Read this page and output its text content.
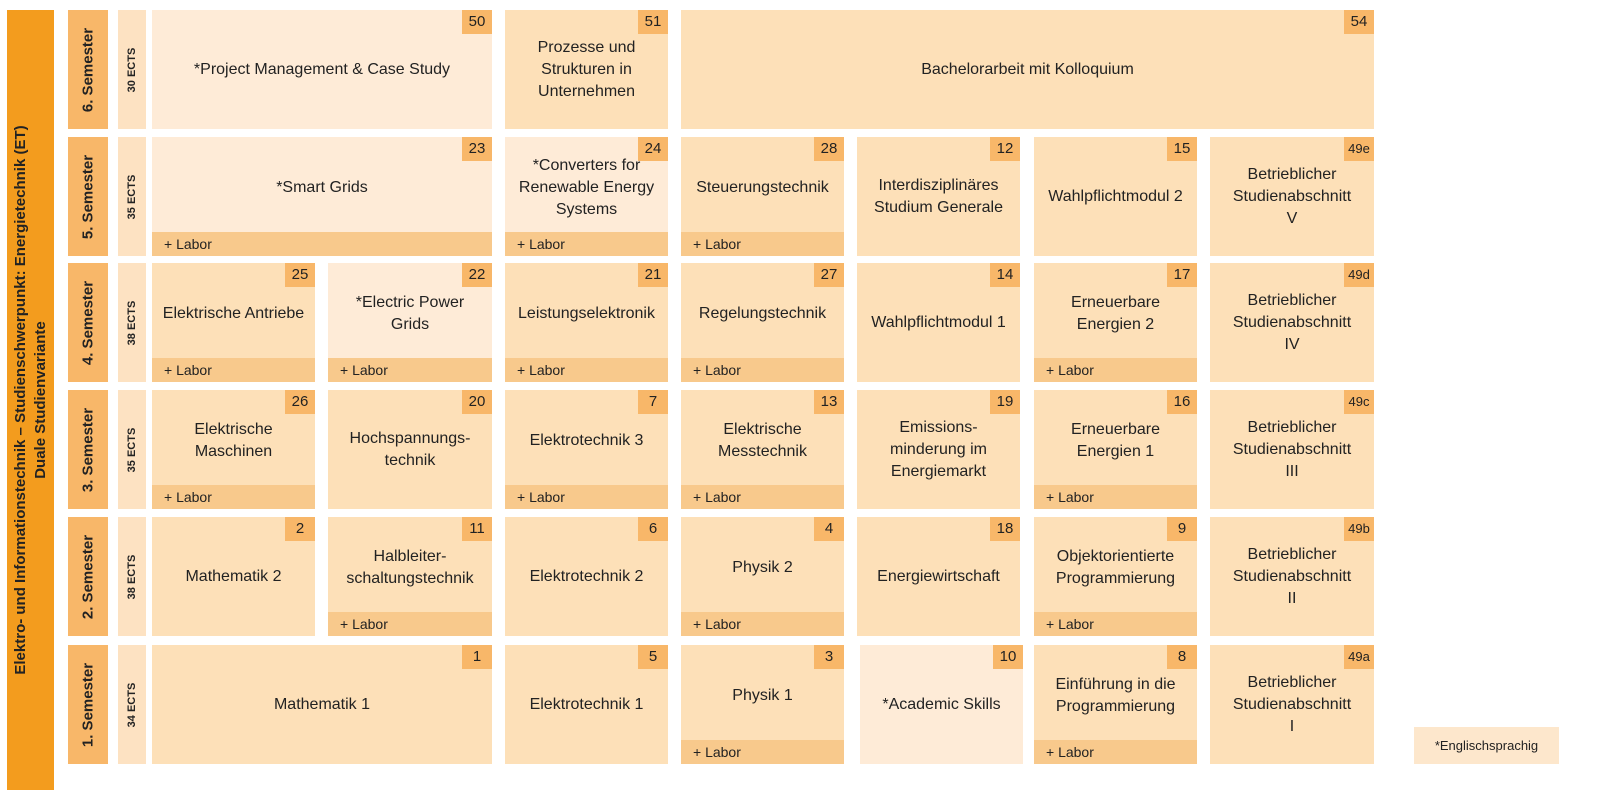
Elektro- und Informationstechnik – Studienschwerpunkt: Energietechnik (ET) Duale Studienvariante
6. Semester
5. Semester
4. Semester
3. Semester
2. Semester
1. Semester
30 ECTS
35 ECTS
38 ECTS
35 ECTS
38 ECTS
34 ECTS
50
*Project Management & Case Study
51
Prozesse und
Strukturen in
Unternehmen
54
Bachelorarbeit mit Kolloquium
23
*Smart Grids
+ Labor
24
*Converters for
Renewable Energy
Systems
+ Labor
28
Steuerungstechnik
+ Labor
12
Interdisziplinäres
Studium Generale
15
Wahlpflichtmodul 2
49e
Betrieblicher
Studienabschnitt
V
25
Elektrische Antriebe
+ Labor
22
*Electric Power
Grids
+ Labor
21
Leistungselektronik
+ Labor
27
Regelungstechnik
+ Labor
14
Wahlpflichtmodul 1
17
Erneuerbare
Energien 2
+ Labor
49d
Betrieblicher
Studienabschnitt
IV
26
Elektrische
Maschinen
+ Labor
20
Hochspannungs-
technik
7
Elektrotechnik 3
+ Labor
13
Elektrische
Messtechnik
+ Labor
19
Emissions-
minderung im
Energiemarkt
16
Erneuerbare
Energien 1
+ Labor
49c
Betrieblicher
Studienabschnitt
III
2
Mathematik 2
11
Halbleiter-
schaltungstechnik
+ Labor
6
Elektrotechnik 2
4
Physik 2
+ Labor
18
Energiewirtschaft
9
Objektorientierte
Programmierung
+ Labor
49b
Betrieblicher
Studienabschnitt
II
1
Mathematik 1
5
Elektrotechnik 1
3
Physik 1
+ Labor
10
*Academic Skills
8
Einführung in die
Programmierung
+ Labor
49a
Betrieblicher
Studienabschnitt
I
*Englischsprachig
